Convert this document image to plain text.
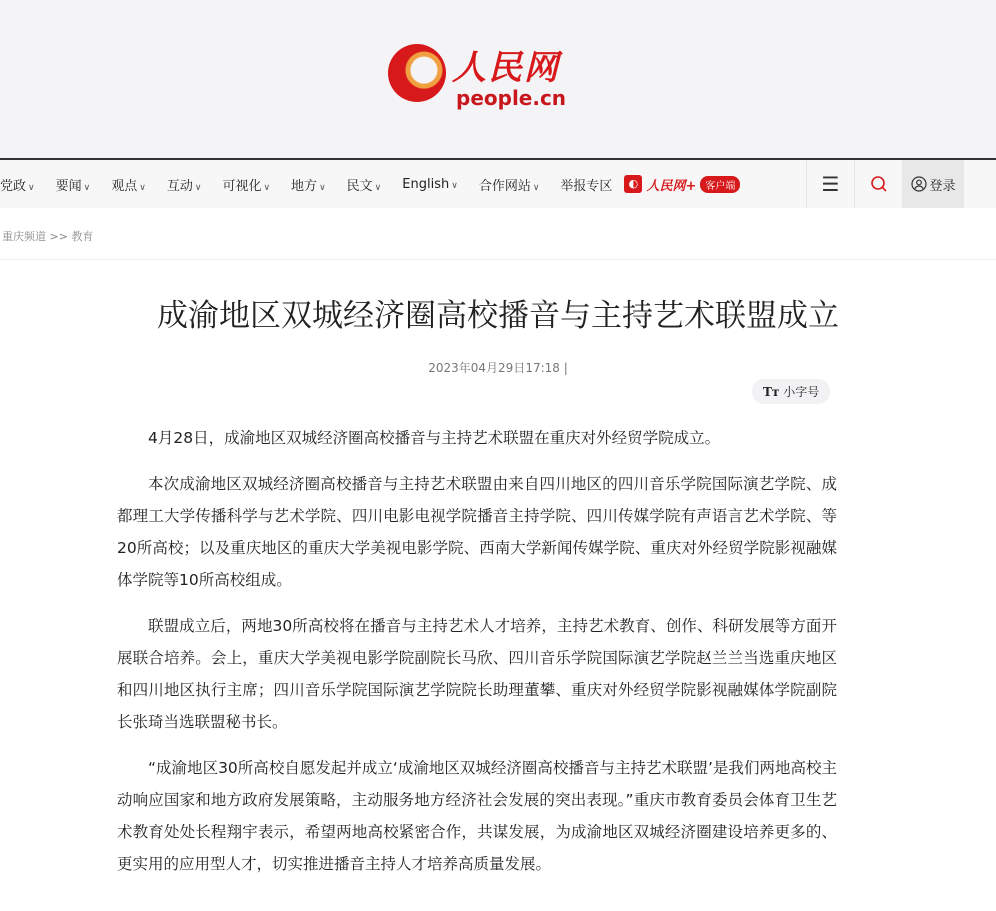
人民网
people.cn
党政 ∨ 要闻 ∨ 观点 ∨ 互动 ∨ 可视化 ∨ 地方 ∨ 民文 ∨ English ∨ 合作网站 ∨ 举报专区	◐ 人民网+ 客户端	☰	登录
重庆频道 >> 教育
成渝地区双城经济圈高校播音与主持艺术联盟成立
2023年04月29日17:18 |
Tт 小字号

4月28日，成渝地区双城经济圈高校播音与主持艺术联盟在重庆对外经贸学院成立。

本次成渝地区双城经济圈高校播音与主持艺术联盟由来自四川地区的四川音乐学院国际演艺学院、成都理工大学传播科学与艺术学院、四川电影电视学院播音主持学院、四川传媒学院有声语言艺术学院、等20所高校；以及重庆地区的重庆大学美视电影学院、西南大学新闻传媒学院、重庆对外经贸学院影视融媒体学院等10所高校组成。

联盟成立后，两地30所高校将在播音与主持艺术人才培养，主持艺术教育、创作、科研发展等方面开展联合培养。会上，重庆大学美视电影学院副院长马欣、四川音乐学院国际演艺学院赵兰兰当选重庆地区和四川地区执行主席；四川音乐学院国际演艺学院院长助理董攀、重庆对外经贸学院影视融媒体学院副院长张琦当选联盟秘书长。

“成渝地区30所高校自愿发起并成立‘成渝地区双城经济圈高校播音与主持艺术联盟’是我们两地高校主动响应国家和地方政府发展策略，主动服务地方经济社会发展的突出表现。”重庆市教育委员会体育卫生艺术教育处处长程翔宇表示，希望两地高校紧密合作，共谋发展，为成渝地区双城经济圈建设培养更多的、更实用的应用型人才，切实推进播音主持人才培养高质量发展。
